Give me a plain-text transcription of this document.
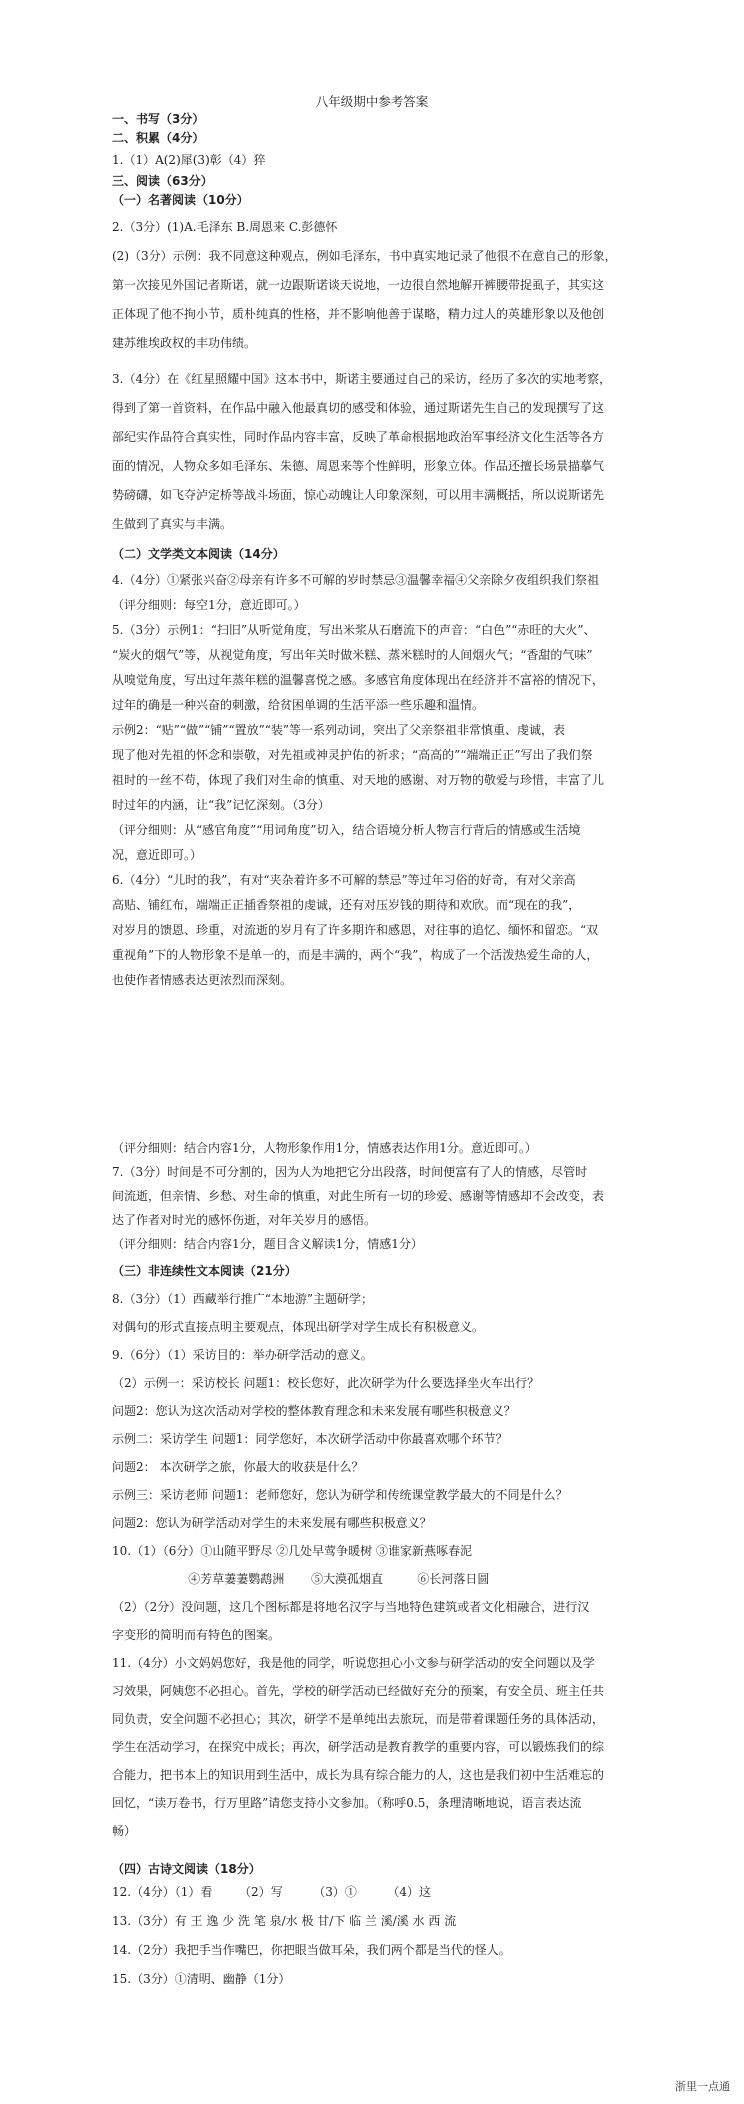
八年级期中参考答案
一、书写（3分）
二、积累（4分）
1.（1）A(2)犀(3)彰（4）猝
三、阅读（63分）
（一）名著阅读（10分）

2.（3分）(1)A.毛泽东 B.周恩来 C.彭德怀

(2)（3分）示例：我不同意这种观点，例如毛泽东，书中真实地记录了他很不在意自己的形象，

第一次接见外国记者斯诺，就一边跟斯诺谈天说地，一边很自然地解开裤腰带捉虱子，其实这

正体现了他不拘小节，质朴纯真的性格，并不影响他善于谋略，精力过人的英雄形象以及他创

建苏维埃政权的丰功伟绩。

3.（4分）在《红星照耀中国》这本书中，斯诺主要通过自己的采访，经历了多次的实地考察，

得到了第一首资料，在作品中融入他最真切的感受和体验，通过斯诺先生自己的发现撰写了这

部纪实作品符合真实性，同时作品内容丰富，反映了革命根据地政治军事经济文化生活等各方

面的情况，人物众多如毛泽东、朱德、周恩来等个性鲜明，形象立体。作品还擅长场景描摹气

势磅礴，如飞夺泸定桥等战斗场面，惊心动魄让人印象深刻，可以用丰满概括，所以说斯诺先

生做到了真实与丰满。

（二）文学类文本阅读（14分）

4.（4分）①紧张兴奋②母亲有许多不可解的岁时禁忌③温馨幸福④父亲除夕夜组织我们祭祖

（评分细则：每空1分，意近即可。）

5.（3分）示例1：“扫旧”从听觉角度，写出米浆从石磨流下的声音：“白色”“赤旺的大火”、

“炭火的烟气”等，从视觉角度，写出年关时做米糕、蒸米糕时的人间烟火气；“香甜的气味”

从嗅觉角度，写出过年蒸年糕的温馨喜悦之感。多感官角度体现出在经济并不富裕的情况下，

过年的确是一种兴奋的刺激，给贫困单调的生活平添一些乐趣和温情。

示例2：“贴”“做”“铺”“置放”“装”等一系列动词，突出了父亲祭祖非常慎重、虔诚，表

现了他对先祖的怀念和崇敬，对先祖或神灵护佑的祈求；“高高的”“端端正正”写出了我们祭

祖时的一丝不苟，体现了我们对生命的慎重、对天地的感谢、对万物的敬爱与珍惜，丰富了儿

时过年的内涵，让“我”记忆深刻。（3分）

（评分细则：从“感官角度”“用词角度”切入，结合语境分析人物言行背后的情感或生活境

况，意近即可。）

6.（4分）“儿时的我”，有对“夹杂着许多不可解的禁忌”等过年习俗的好奇，有对父亲高

高贴、铺红布，端端正正插香祭祖的虔诚，还有对压岁钱的期待和欢欣。而“现在的我”，

对岁月的馈恩、珍重，对流逝的岁月有了许多期许和感恩，对往事的追忆、缅怀和留恋。“双

重视角”下的人物形象不是单一的，而是丰满的，两个“我”，构成了一个活泼热爱生命的人，

也使作者情感表达更浓烈而深刻。

（评分细则：结合内容1分，人物形象作用1分，情感表达作用1分。意近即可。）

7.（3分）时间是不可分割的，因为人为地把它分出段落，时间便富有了人的情感，尽管时

间流逝，但亲情、乡愁、对生命的慎重，对此生所有一切的珍爱、感谢等情感却不会改变，表

达了作者对时光的感怀伤逝，对年关岁月的感悟。

（评分细则：结合内容1分，题目含义解读1分，情感1分）

（三）非连续性文本阅读（21分）

8.（3分）（1）西藏举行推广“本地游”主题研学；

对偶句的形式直接点明主要观点，体现出研学对学生成长有积极意义。

9.（6分）（1）采访目的：举办研学活动的意义。

（2）示例一：采访校长 问题1：校长您好，此次研学为什么要选择坐火车出行？

问题2：您认为这次活动对学校的整体教育理念和未来发展有哪些积极意义？

示例二：采访学生 问题1：同学您好，本次研学活动中你最喜欢哪个环节？

问题2： 本次研学之旅，你最大的收获是什么？

示例三：采访老师 问题1：老师您好，您认为研学和传统课堂教学最大的不同是什么？

问题2：您认为研学活动对学生的未来发展有哪些积极意义？

10.（1）（6分）①山随平野尽 ②几处早莺争暖树 ③谁家新燕啄春泥

④芳草萋萋鹦鹉洲       ⑤大漠孤烟直         ⑥长河落日圆

（2）（2分）没问题，这几个图标都是将地名汉字与当地特色建筑或者文化相融合，进行汉

字变形的简明而有特色的图案。

11.（4分）小文妈妈您好，我是他的同学，听说您担心小文参与研学活动的安全问题以及学

习效果，阿姨您不必担心。首先，学校的研学活动已经做好充分的预案，有安全员、班主任共

同负责，安全问题不必担心；其次，研学不是单纯出去旅玩，而是带着课题任务的具体活动，

学生在活动学习，在探究中成长；再次，研学活动是教育教学的重要内容，可以锻炼我们的综

合能力，把书本上的知识用到生活中，成长为具有综合能力的人，这也是我们初中生活难忘的

回忆，“读万卷书，行万里路”请您支持小文参加。（称呼0.5，条理清晰地说，语言表达流

畅）

（四）古诗文阅读（18分）

12.（4分）（1）看       （2）写        （3）①        （4）这

13.（3分）有 王 逸 少 洗 笔 泉/水 极 甘/下 临 兰 溪/溪 水 西 流

14.（2分）我把手当作嘴巴，你把眼当做耳朵，我们两个都是当代的怪人。

15.（3分）①清明、幽静（1分）

浙里一点通
